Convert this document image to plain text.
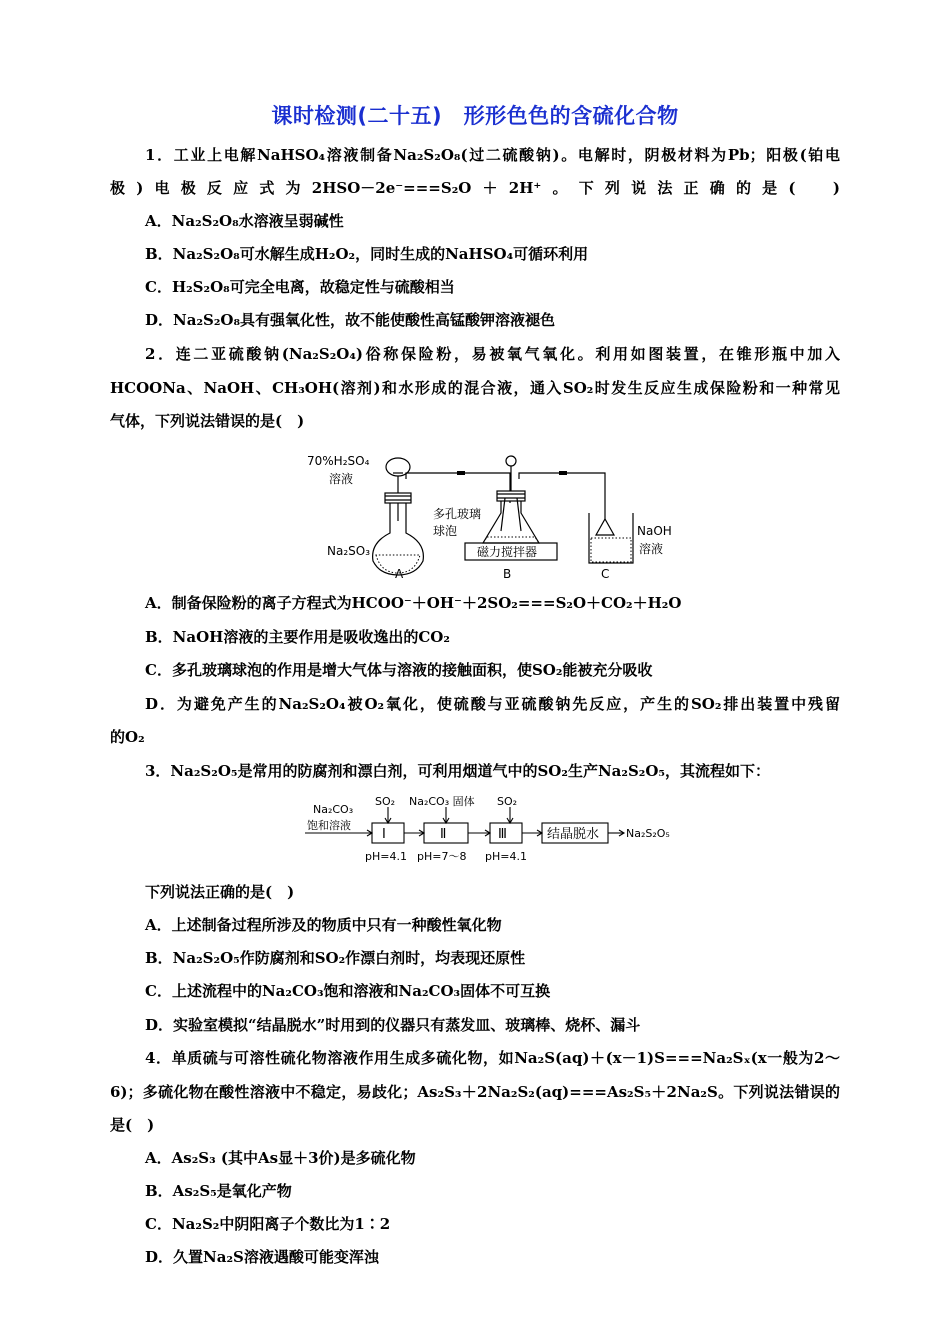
课时检测(二十五)　形形色色的含硫化合物
1．工业上电解NaHSO₄溶液制备Na₂S₂O₈(过二硫酸钠)。电解时，阴极材料为Pb；阳极(铂电
极)电极反应式为2HSO－2e⁻===S₂O＋2H⁺。下列说法正确的是(　)
A．Na₂S₂O₈水溶液呈弱碱性
B．Na₂S₂O₈可水解生成H₂O₂，同时生成的NaHSO₄可循环利用
C．H₂S₂O₈可完全电离，故稳定性与硫酸相当
D．Na₂S₂O₈具有强氧化性，故不能使酸性高锰酸钾溶液褪色
2．连二亚硫酸钠(Na₂S₂O₄)俗称保险粉，易被氧气氧化。利用如图装置，在锥形瓶中加入
HCOONa、NaOH、CH₃OH(溶剂)和水形成的混合液，通入SO₂时发生反应生成保险粉和一种常见
气体，下列说法错误的是(　)
70%H₂SO₄
溶液
Na₂SO₃
多孔玻璃
球泡
磁力搅拌器
NaOH
溶液
A	B	C
A．制备保险粉的离子方程式为HCOO⁻＋OH⁻＋2SO₂===S₂O＋CO₂＋H₂O
B．NaOH溶液的主要作用是吸收逸出的CO₂
C．多孔玻璃球泡的作用是增大气体与溶液的接触面积，使SO₂能被充分吸收
D．为避免产生的Na₂S₂O₄被O₂氧化，使硫酸与亚硫酸钠先反应，产生的SO₂排出装置中残留
的O₂
3．Na₂S₂O₅是常用的防腐剂和漂白剂，可利用烟道气中的SO₂生产Na₂S₂O₅，其流程如下：
Na₂CO₃
饱和溶液
SO₂ Na₂CO₃ 固体 SO₂
Ⅰ	Ⅱ	Ⅲ	结晶脱水 Na₂S₂O₅
pH=4.1 pH=7～8 pH=4.1
下列说法正确的是(　)
A．上述制备过程所涉及的物质中只有一种酸性氧化物
B．Na₂S₂O₅作防腐剂和SO₂作漂白剂时，均表现还原性
C．上述流程中的Na₂CO₃饱和溶液和Na₂CO₃固体不可互换
D．实验室模拟“结晶脱水”时用到的仪器只有蒸发皿、玻璃棒、烧杯、漏斗
4．单质硫与可溶性硫化物溶液作用生成多硫化物，如Na₂S(aq)＋(x－1)S===Na₂Sₓ(x一般为2～
6)；多硫化物在酸性溶液中不稳定，易歧化；As₂S₃＋2Na₂S₂(aq)===As₂S₅＋2Na₂S。下列说法错误的
是(　)
A．As₂S₃ (其中As显＋3价)是多硫化物
B．As₂S₅是氧化产物
C．Na₂S₂中阴阳离子个数比为1∶2
D．久置Na₂S溶液遇酸可能变浑浊
